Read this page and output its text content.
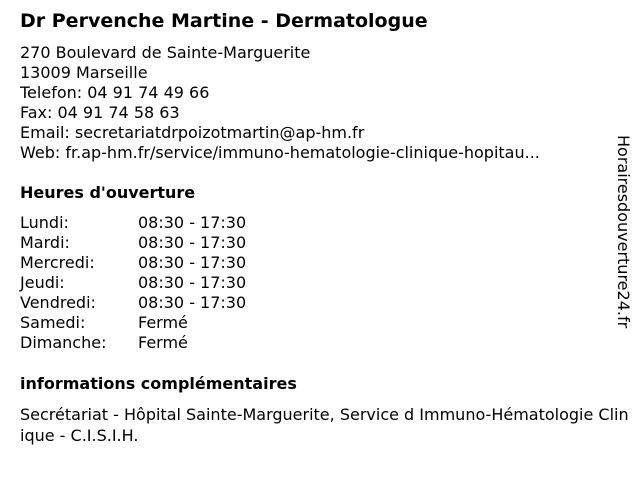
Dr Pervenche Martine - Dermatologue
270 Boulevard de Sainte-Marguerite
13009 Marseille
Telefon: 04 91 74 49 66
Fax: 04 91 74 58 63
Email: secretariatdrpoizotmartin@ap-hm.fr
Web: fr.ap-hm.fr/service/immuno-hematologie-clinique-hopitau...
Heures d'ouverture
Lundi:	08:30 - 17:30
Mardi:	08:30 - 17:30
Mercredi:	08:30 - 17:30
Jeudi:	08:30 - 17:30
Vendredi:	08:30 - 17:30
Samedi:	Fermé
Dimanche: Fermé
informations complémentaires
Secrétariat - Hôpital Sainte-Marguerite, Service d Immuno-Hématologie Clinique - C.I.S.I.H.
Horairesdouverture24.fr
